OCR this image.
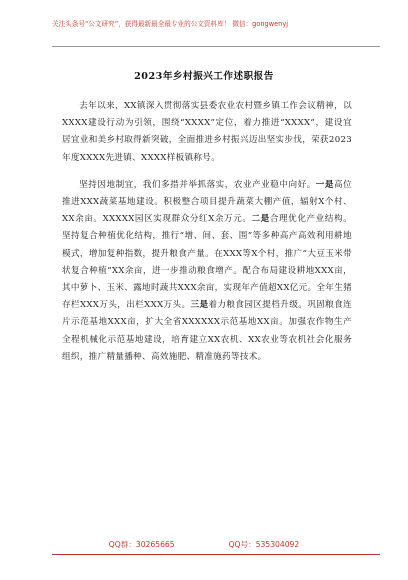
关注头条号“公文研究”，获得最新最全最专业的公文资料库！ 微信：gongwenyj
2023年乡村振兴工作述职报告

去年以来，XX镇深入贯彻落实县委农业农村暨乡镇工作会议精神，以XXXX建设行动为引领，围绕“XXXX”定位，着力推进“XXXX”，建设宜居宜业和美乡村取得新突破，全面推进乡村振兴迈出坚实步伐，荣获2023年度XXXX先进镇、XXXX样板镇称号。

坚持因地制宜，我们多措并举抓落实，农业产业稳中向好。一是高位推进XXX蔬菜基地建设。积极整合项目提升蔬菜大棚产值，辐射X个村、XX余亩。XXXXX园区实现群众分红X余万元。二是合理优化产业结构。坚持复合种植优化结构，推行“增、间、套、围”等多种高产高效利用耕地模式，增加复种指数，提升粮食产量。在XXX等X个村，推广“大豆玉米带状复合种植”XX余亩，进一步推动粮食增产。配合布局建设耕地XXX亩，其中萝卜、玉米、露地时蔬共XXX余亩，实现年产值超XX亿元。全年生猪存栏XXX万头，出栏XXX万头。三是着力粮食园区提档升级。巩固粮食连片示范基地XXX亩，扩大全省XXXXXX示范基地XX亩。加强农作物生产全程机械化示范基地建设，培育建立XX农机、XX农业等农机社会化服务组织，推广精量播种、高效施肥、精准施药等技术。

QQ群：30265665	QQ号：535304092
